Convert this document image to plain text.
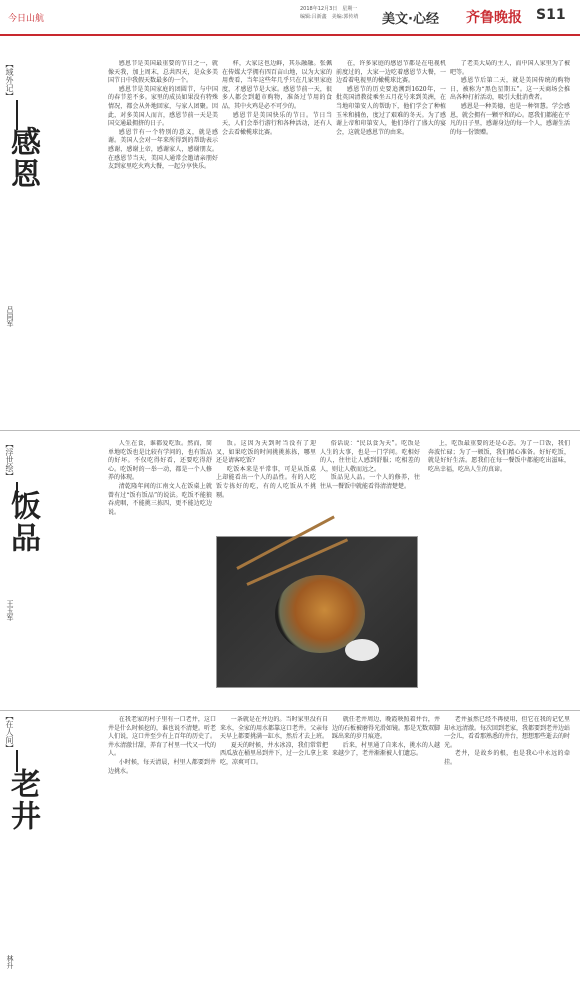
今日山航
2018年12月3日　星期一
编辑:吕新鑫　美编:郭传靖 美文·心经 齐鲁晚报 S11
【域外记】
感恩
吕同军

感恩节是美国最重要的节日之一，就像天我，加上周末，总共四天，是众多美国节日中我假天数最多的一个。

感恩节是美国家庭的团圆节，与中国的春节差不多。家里的成员如果没有特殊情况，都会从外地回家，与家人团聚。因此，对多美国人而言，感恩节前一天是美国交通最拥挤的日子。

感恩节有一个特别的意义，就是感谢。美国人会对一年来所得到的帮助表示感谢，感谢上帝，感谢家人，感谢朋友。在感恩节当天，美国人通常会邀请亲朋好友到家里吃火鸡大餐，一起分享快乐。

样，大家这也边鲜，其乐融融。张佩在传媒大学拥有四百亩山地，以为大家的用费看，当年这些年几乎只在几家里家庭度，才感恩节是大家。感恩节前一天，很多人都会到超市购物，准备过节用的食品，其中火鸡是必不可少的。

感恩节是美国快乐的节日。节日当天，人们会举行游行和各种活动，还有人会去看橄榄球比赛。

在，许多家庭的感恩节都是在电视机前度过的，大家一边吃着感恩节大餐，一边看着电视里的橄榄球比赛。

感恩节的历史要追溯到1620年，一批英国清教徒乘坐五月花号来到美洲，在当地印第安人的帮助下，他们学会了种植玉米和捕鱼，度过了艰难的冬天。为了感谢上帝和印第安人，他们举行了盛大的宴会，这就是感恩节的由来。

了老美大局的主人，而中国人家里为了被吧等。

感恩节后第二天，就是美国传统的购物日，被称为“黑色星期五”。这一天商场会推出各种打折活动，吸引大批消费者。

感恩是一种美德，也是一种智慧。学会感恩，就会拥有一颗平和的心。愿我们都能在平凡的日子里，感谢身边的每一个人，感谢生活的每一份馈赠。

【浮世绘】
饭品
王玉军

人生在食，谁都爱吃饭。然而，简单地吃饭也是比较有学问的，也有饭品的好坏。不仅吃得好看，还要吃得舒心。吃饭时的一举一动，都是一个人修养的体现。

清乾隆年间的江南文人在饭桌上就曾有过“饭有饭品”的说法。吃饭不能狼吞虎咽，不能挑三拣四，更不能边吃边说。

饭。这因为天到时当没有了迎叉，如果吃饭的时间挑挑拣拣，哪里还是请客吃饭？

吃饭本来是平常事，可是从饭桌上却能看出一个人的品性。有的人吃饭专拣好的吃，有的人吃饭从不挑剔。

俗话说：“民以食为天”。吃饭是人生的大事，也是一门学问。吃相好的人，往往让人感到舒服；吃相差的人，则让人敬而远之。

饭品见人品。一个人的修养，往往从一餐饭中就能看得清清楚楚。

上，吃饭最重要的还是心态。为了一口饭，我们奔波忙碌；为了一顿饭，我们精心准备。好好吃饭，就是好好生活。愿我们在每一餐饭中都能吃出滋味，吃出幸福，吃出人生的真谛。

【在人间】
老井
林升

在我老家的村子里有一口老井，这口井是什么时候挖的，谁也说不清楚。听老人们说，这口井至少有上百年的历史了。井水清澈甘甜，养育了村里一代又一代的人。

小时候，每天清晨，村里人都要到井边挑水。

一条就是在井边的。当时家里没有自来水，全家的用水都靠这口老井。父亲每天早上都要挑满一缸水，然后才去上班。

夏天的时候，井水冰凉，我们常常把西瓜放在桶里吊到井下，过一会儿拿上来吃，凉爽可口。

就任老井周边，晚霞映照着井台，井边的石板被磨得光滑如镜。那是无数双脚踩出来的岁月痕迹。

后来，村里通了自来水，挑水的人越来越少了，老井渐渐被人们遗忘。

老井虽然已经不再使用，但它在我的记忆里却永远清澈。每次回到老家，我都要到老井边站一会儿，看看那熟悉的井台，想想那些逝去的时光。

老井，是故乡的根，也是我心中永远的牵挂。
